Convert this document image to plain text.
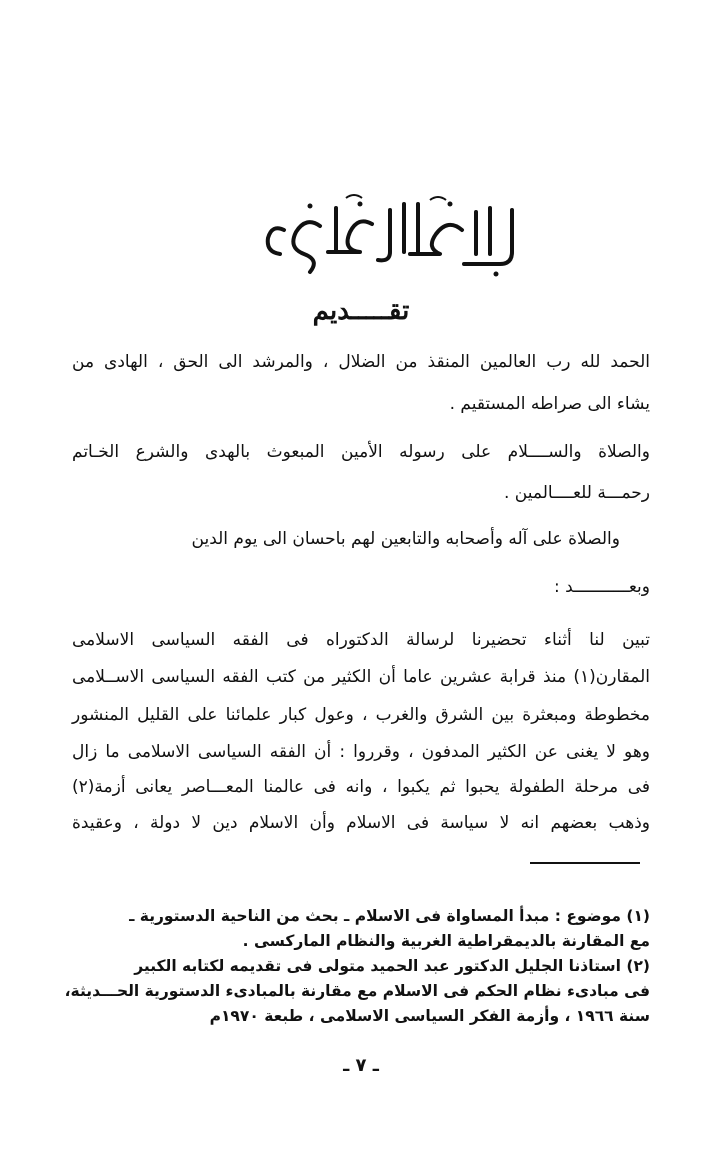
تقـــــديم
الحمد لله رب العالمين المنقذ من الضلال ، والمرشد الى الحق ، الهادى من
يشاء الى صراطه المستقيم .
والصلاة والســــلام على رسوله الأمين المبعوث بالهدى والشرع الخـاتم
رحمـــة للعــــالمين .
والصلاة على آله وأصحابه والتابعين لهم باحسان الى يوم الدين
وبعـــــــــــد :
تبين لنا أثناء تحضيرنا لرسالة الدكتوراه فى الفقه السياسى الاسلامى
المقارن(١) منذ قرابة عشرين عاما أن الكثير من كتب الفقه السياسى الاســلامى
مخطوطة ومبعثرة بين الشرق والغرب ، وعول كبار علمائنا على القليل المنشور
وهو لا يغنى عن الكثير المدفون ، وقرروا : أن الفقه السياسى الاسلامى ما زال
فى مرحلة الطفولة يحبوا ثم يكبوا ، وانه فى عالمنا المعـــاصر يعانى أزمة(٢)
وذهب بعضهم انه لا سياسة فى الاسلام وأن الاسلام دين لا دولة ، وعقيدة
(١) موضوع : مبدأ المساواة فى الاسلام ـ بحث من الناحية الدستورية ـ
مع المقارنة بالديمقراطية الغربية والنظام الماركسى .
(٢) استاذنا الجليل الدكتور عبد الحميد متولى فى تقديمه لكتابه الكبير
فى مبادىء نظام الحكم فى الاسلام مع مقارنة بالمبادىء الدستورية الحـــديثة،
سنة ١٩٦٦ ، وأزمة الفكر السياسى الاسلامى ، طبعة ١٩٧٠م
ـ ٧ ـ
